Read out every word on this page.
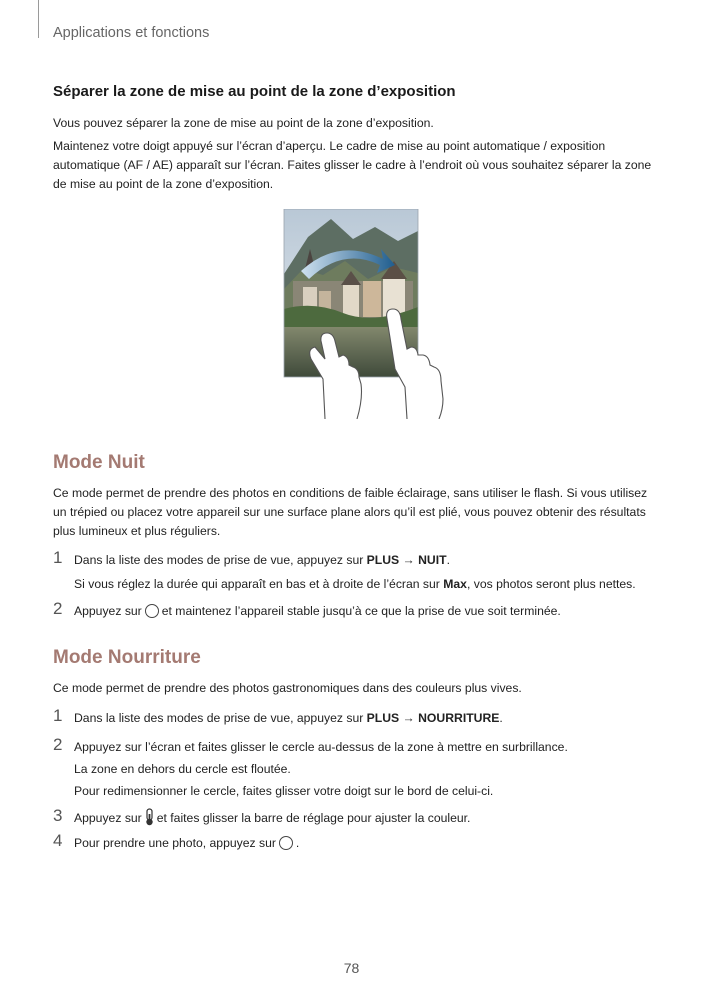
Applications et fonctions
Séparer la zone de mise au point de la zone d’exposition
Vous pouvez séparer la zone de mise au point de la zone d’exposition.
Maintenez votre doigt appuyé sur l’écran d’aperçu. Le cadre de mise au point automatique / exposition automatique (AF / AE) apparaît sur l’écran. Faites glisser le cadre à l’endroit où vous souhaitez séparer la zone de mise au point de la zone d’exposition.
Mode Nuit
Ce mode permet de prendre des photos en conditions de faible éclairage, sans utiliser le flash. Si vous utilisez un trépied ou placez votre appareil sur une surface plane alors qu’il est plié, vous pouvez obtenir des résultats plus lumineux et plus réguliers.
1 Dans la liste des modes de prise de vue, appuyez sur PLUS → NUIT.
Si vous réglez la durée qui apparaît en bas et à droite de l’écran sur Max, vos photos seront plus nettes.
2 Appuyez sur et maintenez l’appareil stable jusqu’à ce que la prise de vue soit terminée.
Mode Nourriture
Ce mode permet de prendre des photos gastronomiques dans des couleurs plus vives.
1 Dans la liste des modes de prise de vue, appuyez sur PLUS → NOURRITURE.
2 Appuyez sur l’écran et faites glisser le cercle au-dessus de la zone à mettre en surbrillance.
La zone en dehors du cercle est floutée.
Pour redimensionner le cercle, faites glisser votre doigt sur le bord de celui-ci.
3 Appuyez sur et faites glisser la barre de réglage pour ajuster la couleur.
4 Pour prendre une photo, appuyez sur .
78
